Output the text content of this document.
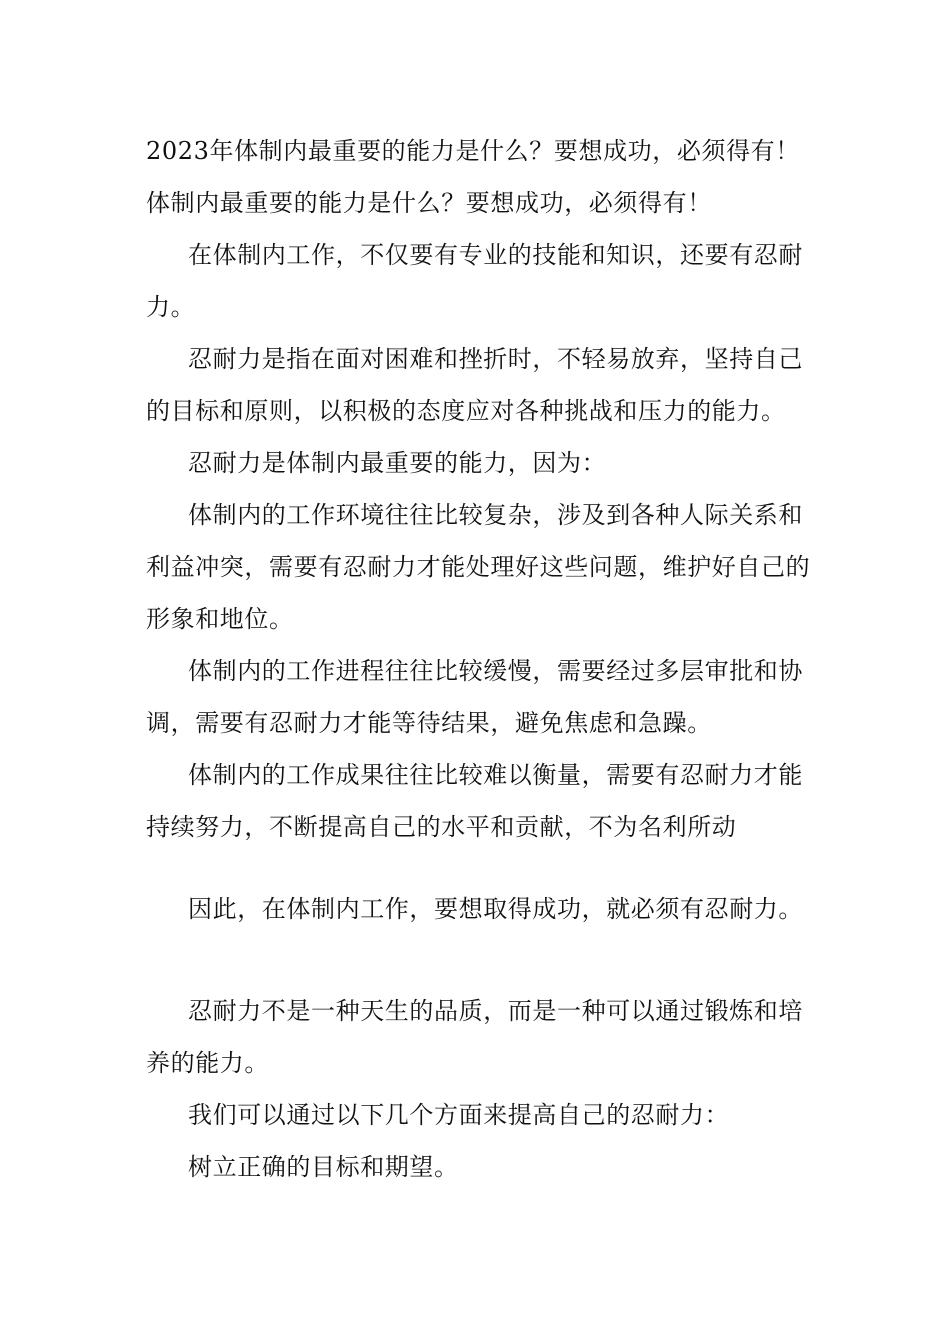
2023年体制内最重要的能力是什么？要想成功，必须得有！

体制内最重要的能力是什么？要想成功，必须得有！

在体制内工作，不仅要有专业的技能和知识，还要有忍耐力。

忍耐力是指在面对困难和挫折时，不轻易放弃，坚持自己的目标和原则，以积极的态度应对各种挑战和压力的能力。

忍耐力是体制内最重要的能力，因为：

体制内的工作环境往往比较复杂，涉及到各种人际关系和利益冲突，需要有忍耐力才能处理好这些问题，维护好自己的形象和地位。

体制内的工作进程往往比较缓慢，需要经过多层审批和协调，需要有忍耐力才能等待结果，避免焦虑和急躁。

体制内的工作成果往往比较难以衡量，需要有忍耐力才能持续努力，不断提高自己的水平和贡献，不为名利所动

因此，在体制内工作，要想取得成功，就必须有忍耐力。

忍耐力不是一种天生的品质，而是一种可以通过锻炼和培养的能力。

我们可以通过以下几个方面来提高自己的忍耐力：

树立正确的目标和期望。
